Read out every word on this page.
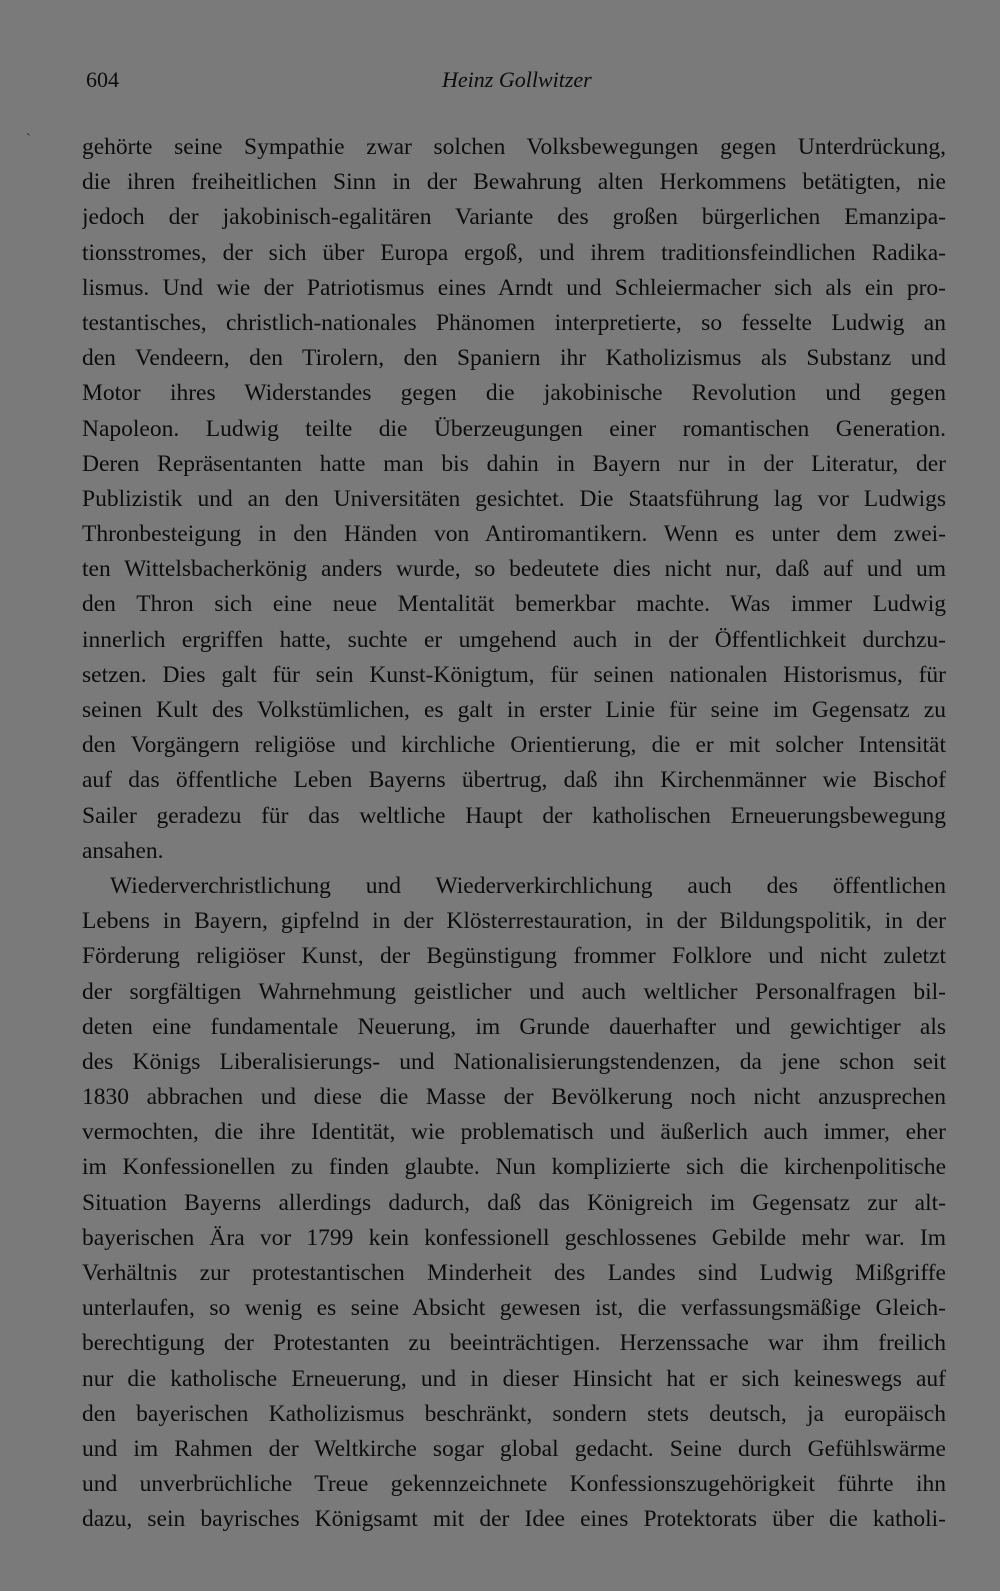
604	Heinz Gollwitzer
` gehörte seine Sympathie zwar solchen Volksbewegungen gegen Unterdrückung,
die ihren freiheitlichen Sinn in der Bewahrung alten Herkommens betätigten, nie
jedoch der jakobinisch-egalitären Variante des großen bürgerlichen Emanzipa-
tionsstromes, der sich über Europa ergoß, und ihrem traditionsfeindlichen Radika-
lismus. Und wie der Patriotismus eines Arndt und Schleiermacher sich als ein pro-
testantisches, christlich-nationales Phänomen interpretierte, so fesselte Ludwig an
den Vendeern, den Tirolern, den Spaniern ihr Katholizismus als Substanz und
Motor ihres Widerstandes gegen die jakobinische Revolution und gegen
Napoleon. Ludwig teilte die Überzeugungen einer romantischen Generation.
Deren Repräsentanten hatte man bis dahin in Bayern nur in der Literatur, der
Publizistik und an den Universitäten gesichtet. Die Staatsführung lag vor Ludwigs
Thronbesteigung in den Händen von Antiromantikern. Wenn es unter dem zwei-
ten Wittelsbacherkönig anders wurde, so bedeutete dies nicht nur, daß auf und um
den Thron sich eine neue Mentalität bemerkbar machte. Was immer Ludwig
innerlich ergriffen hatte, suchte er umgehend auch in der Öffentlichkeit durchzu-
setzen. Dies galt für sein Kunst-Königtum, für seinen nationalen Historismus, für
seinen Kult des Volkstümlichen, es galt in erster Linie für seine im Gegensatz zu
den Vorgängern religiöse und kirchliche Orientierung, die er mit solcher Intensität
auf das öffentliche Leben Bayerns übertrug, daß ihn Kirchenmänner wie Bischof
Sailer geradezu für das weltliche Haupt der katholischen Erneuerungsbewegung
ansahen.
Wiederverchristlichung und Wiederverkirchlichung auch des öffentlichen
Lebens in Bayern, gipfelnd in der Klösterrestauration, in der Bildungspolitik, in der
Förderung religiöser Kunst, der Begünstigung frommer Folklore und nicht zuletzt
der sorgfältigen Wahrnehmung geistlicher und auch weltlicher Personalfragen bil-
deten eine fundamentale Neuerung, im Grunde dauerhafter und gewichtiger als
des Königs Liberalisierungs- und Nationalisierungstendenzen, da jene schon seit
1830 abbrachen und diese die Masse der Bevölkerung noch nicht anzusprechen
vermochten, die ihre Identität, wie problematisch und äußerlich auch immer, eher
im Konfessionellen zu finden glaubte. Nun komplizierte sich die kirchenpolitische
Situation Bayerns allerdings dadurch, daß das Königreich im Gegensatz zur alt-
bayerischen Ära vor 1799 kein konfessionell geschlossenes Gebilde mehr war. Im
Verhältnis zur protestantischen Minderheit des Landes sind Ludwig Mißgriffe
unterlaufen, so wenig es seine Absicht gewesen ist, die verfassungsmäßige Gleich-
berechtigung der Protestanten zu beeinträchtigen. Herzenssache war ihm freilich
nur die katholische Erneuerung, und in dieser Hinsicht hat er sich keineswegs auf
den bayerischen Katholizismus beschränkt, sondern stets deutsch, ja europäisch
und im Rahmen der Weltkirche sogar global gedacht. Seine durch Gefühlswärme
und unverbrüchliche Treue gekennzeichnete Konfessionszugehörigkeit führte ihn
dazu, sein bayrisches Königsamt mit der Idee eines Protektorats über die katholi-
